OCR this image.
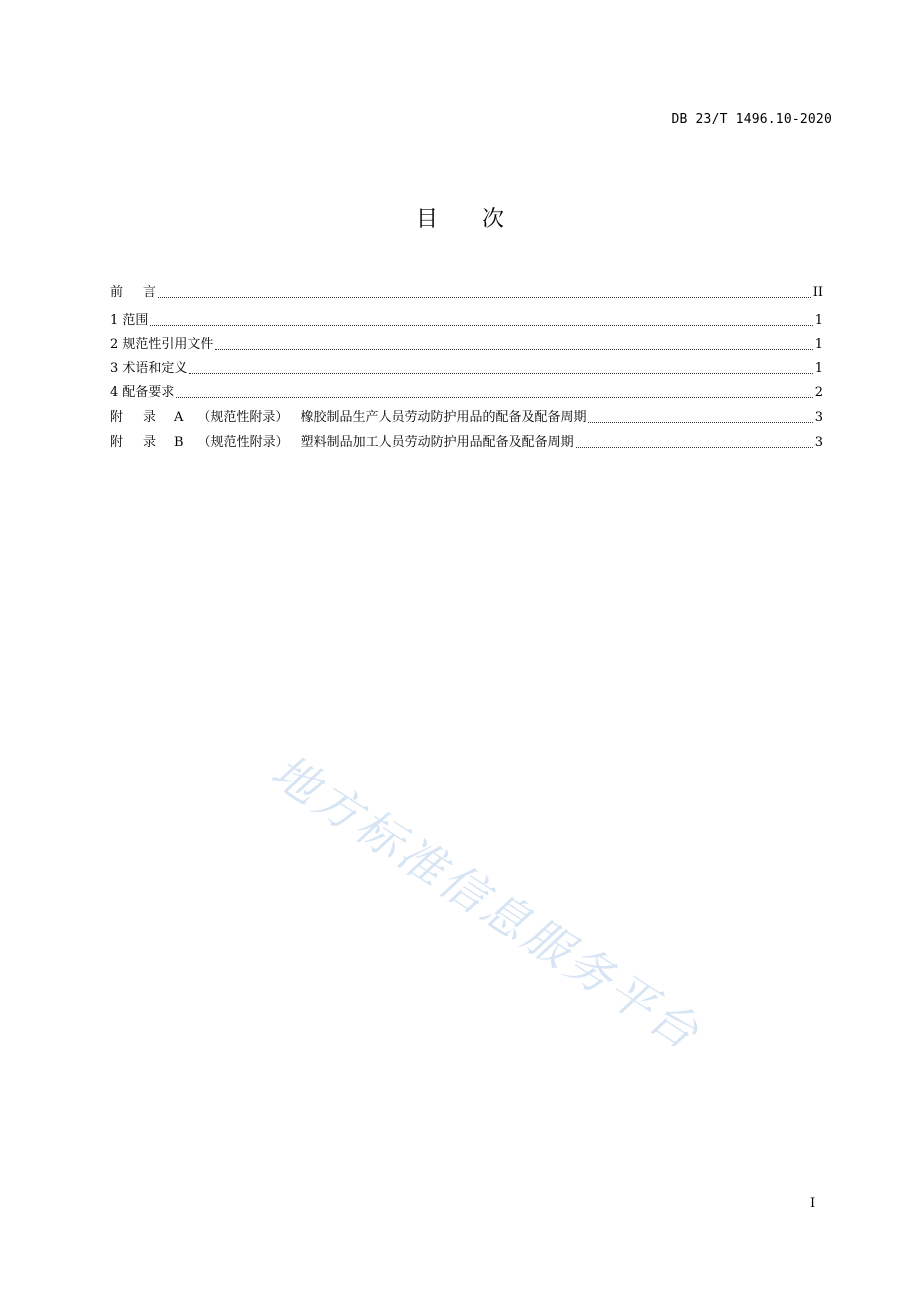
DB 23/T 1496.10-2020
目次
前 言	II
1 范围	1
2 规范性引用文件	1
3 术语和定义	1
4 配备要求	2
附 录 A （规范性附录） 橡胶制品生产人员劳动防护用品的配备及配备周期	3
附 录 B （规范性附录） 塑料制品加工人员劳动防护用品配备及配备周期	3
地方标准信息服务平台
I
